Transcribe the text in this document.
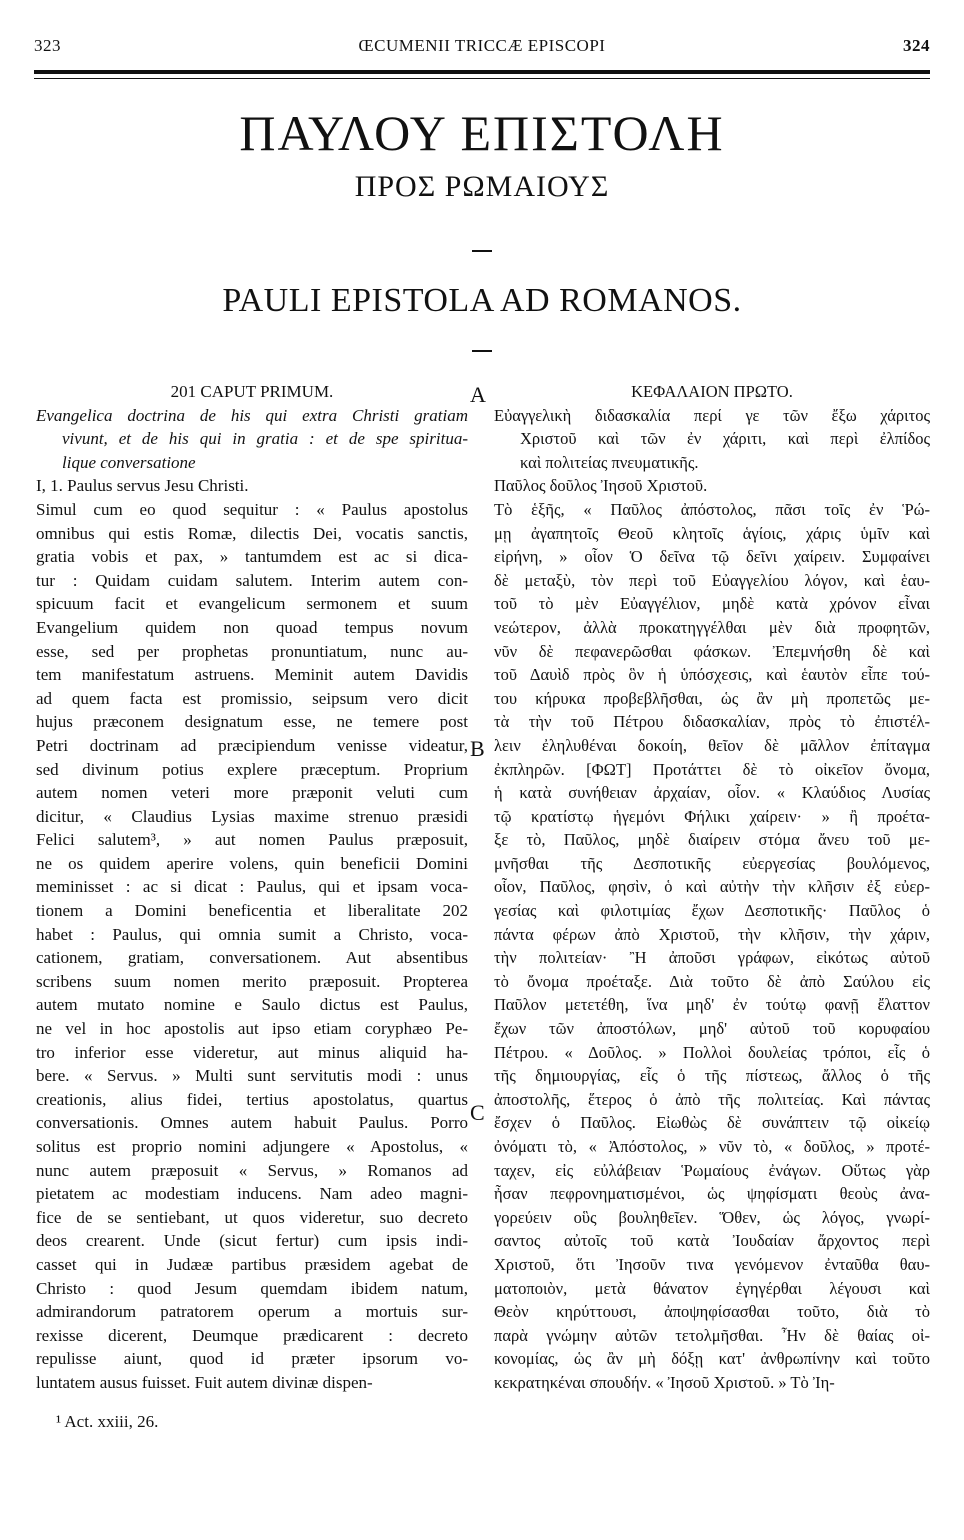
323	ŒCUMENII TRICCÆ EPISCOPI	324
ΠΑΥΛΟΥ ΕΠΙΣΤΟΛΗ
ΠΡΟΣ ΡΩΜΑΙΟΥΣ
PAULI EPISTOLA AD ROMANOS.
201 CAPUT PRIMUM.
Evangelica doctrina de his qui extra Christi gratiam
vivunt, et de his qui in gratia : et de spe spiritua-
lique conversatione
I, 1. Paulus servus Jesu Christi.
Simul cum eo quod sequitur : « Paulus apostolus
omnibus qui estis Romæ, dilectis Dei, vocatis sanctis,
gratia vobis et pax, » tantumdem est ac si dica-
tur : Quidam cuidam salutem. Interim autem con-
spicuum facit et evangelicum sermonem et suum
Evangelium quidem non quoad tempus novum
esse, sed per prophetas pronuntiatum, nunc au-
tem manifestatum astruens. Meminit autem Davidis
ad quem facta est promissio, seipsum vero dicit
hujus præconem designatum esse, ne temere post
Petri doctrinam ad præcipiendum venisse videatur,
sed divinum potius explere præceptum. Proprium
autem nomen veteri more præponit veluti cum
dicitur, « Claudius Lysias maxime strenuo præsidi
Felici salutem³, » aut nomen Paulus præposuit,
ne os quidem aperire volens, quin beneficii Domini
meminisset : ac si dicat : Paulus, qui et ipsam voca-
tionem a Domini beneficentia et liberalitate 202
habet : Paulus, qui omnia sumit a Christo, voca-
cationem, gratiam, conversationem. Aut absentibus
scribens suum nomen merito præposuit. Propterea
autem mutato nomine e Saulo dictus est Paulus,
ne vel in hoc apostolis aut ipso etiam coryphæo Pe-
tro inferior esse videretur, aut minus aliquid ha-
bere. « Servus. » Multi sunt servitutis modi : unus
creationis, alius fidei, tertius apostolatus, quartus
conversationis. Omnes autem habuit Paulus. Porro
solitus est proprio nomini adjungere « Apostolus, «
nunc autem præposuit « Servus, » Romanos ad
pietatem ac modestiam inducens. Nam adeo magni-
fice de se sentiebant, ut quos videretur, suo decreto
deos crearent. Unde (sicut fertur) cum ipsis indi-
casset qui in Judææ partibus præsidem agebat de
Christo : quod Jesum quemdam ibidem natum,
admirandorum patratorem operum a mortuis sur-
rexisse dicerent, Deumque prædicarent : decreto
repulisse aiunt, quod id præter ipsorum vo-
luntatem ausus fuisset. Fuit autem divinæ dispen-
ΚΕΦΑΛΑΙΟΝ ΠΡΩΤΟ.
Εὐαγγελικὴ διδασκαλία περί γε τῶν ἔξω χάριτος
Χριστοῦ καὶ τῶν ἐν χάριτι, καὶ περὶ ἐλπίδος
καὶ πολιτείας πνευματικῆς.
Παῦλος δοῦλος Ἰησοῦ Χριστοῦ.
Τὸ ἑξῆς, « Παῦλος ἀπόστολος, πᾶσι τοῖς ἐν Ῥώ-
μῃ ἀγαπητοῖς Θεοῦ κλητοῖς ἁγίοις, χάρις ὑμῖν καὶ
εἰρήνη, » οἷον Ὁ δεῖνα τῷ δεῖνι χαίρειν. Συμφαίνει
δὲ μεταξὺ, τὸν περὶ τοῦ Εὐαγγελίου λόγον, καὶ ἑαυ-
τοῦ τὸ μὲν Εὐαγγέλιον, μηδὲ κατὰ χρόνον εἶναι
νεώτερον, ἀλλὰ προκατηγγέλθαι μὲν διὰ προφητῶν,
νῦν δὲ πεφανερῶσθαι φάσκων. Ἐπεμνήσθη δὲ καὶ
τοῦ Δαυὶδ πρὸς ὃν ἡ ὑπόσχεσις, καὶ ἑαυτὸν εἶπε τού-
του κήρυκα προβεβλῆσθαι, ὡς ἂν μὴ προπετῶς με-
τὰ τὴν τοῦ Πέτρου διδασκαλίαν, πρὸς τὸ ἐπιστέλ-
λειν ἐληλυθέναι δοκοίη, θεῖον δὲ μᾶλλον ἐπίταγμα
ἐκπληρῶν. [ΦΩΤ] Προτάττει δὲ τὸ οἰκεῖον ὄνομα,
ἡ κατὰ συνήθειαν ἀρχαίαν, οἷον. « Κλαύδιος Λυσίας
τῷ κρατίστῳ ἡγεμόνι Φήλικι χαίρειν· » ἢ προέτα-
ξε τὸ, Παῦλος, μηδὲ διαίρειν στόμα ἄνευ τοῦ με-
μνῆσθαι τῆς Δεσποτικῆς εὐεργεσίας βουλόμενος,
οἷον, Παῦλος, φησὶν, ὁ καὶ αὐτὴν τὴν κλῆσιν ἐξ εὐερ-
γεσίας καὶ φιλοτιμίας ἔχων Δεσποτικῆς· Παῦλος ὁ
πάντα φέρων ἀπὸ Χριστοῦ, τὴν κλῆσιν, τὴν χάριν,
τὴν πολιτείαν· Ἢ ἀποῦσι γράφων, εἰκότως αὐτοῦ
τὸ ὄνομα προέταξε. Διὰ τοῦτο δὲ ἀπὸ Σαύλου εἰς
Παῦλον μετετέθη, ἵνα μηδ' ἐν τούτῳ φανῇ ἔλαττον
ἔχων τῶν ἀποστόλων, μηδ' αὐτοῦ τοῦ κορυφαίου
Πέτρου. « Δοῦλος. » Πολλοὶ δουλείας τρόποι, εἷς ὁ
τῆς δημιουργίας, εἷς ὁ τῆς πίστεως, ἄλλος ὁ τῆς
ἀποστολῆς, ἕτερος ὁ ἀπὸ τῆς πολιτείας. Καὶ πάντας
ἔσχεν ὁ Παῦλος. Εἰωθὼς δὲ συνάπτειν τῷ οἰκείῳ
ὀνόματι τὸ, « Ἀπόστολος, » νῦν τὸ, « δοῦλος, » προτέ-
ταχεν, εἰς εὐλάβειαν Ῥωμαίους ἐνάγων. Οὕτως γὰρ
ἦσαν πεφρονηματισμένοι, ὡς ψηφίσματι θεοὺς ἀνα-
γορεύειν οὓς βουληθεῖεν. Ὅθεν, ὡς λόγος, γνωρί-
σαντος αὐτοῖς τοῦ κατὰ Ἰουδαίαν ἄρχοντος περὶ
Χριστοῦ, ὅτι Ἰησοῦν τινα γενόμενον ἐνταῦθα θαυ-
ματοποιὸν, μετὰ θάνατον ἐγηγέρθαι λέγουσι καὶ
Θεὸν κηρύττουσι, ἀποψηφίσασθαι τοῦτο, διὰ τὸ
παρὰ γνώμην αὐτῶν τετολμῆσθαι. Ἦν δὲ θαίας οἰ-
κονομίας, ὡς ἂν μὴ δόξῃ κατ' ἀνθρωπίνην καὶ τοῦτο
κεκρατηκέναι σπουδήν. « Ἰησοῦ Χριστοῦ. » Τὸ Ἰη-
A
B
C
¹ Act. xxiii, 26.
